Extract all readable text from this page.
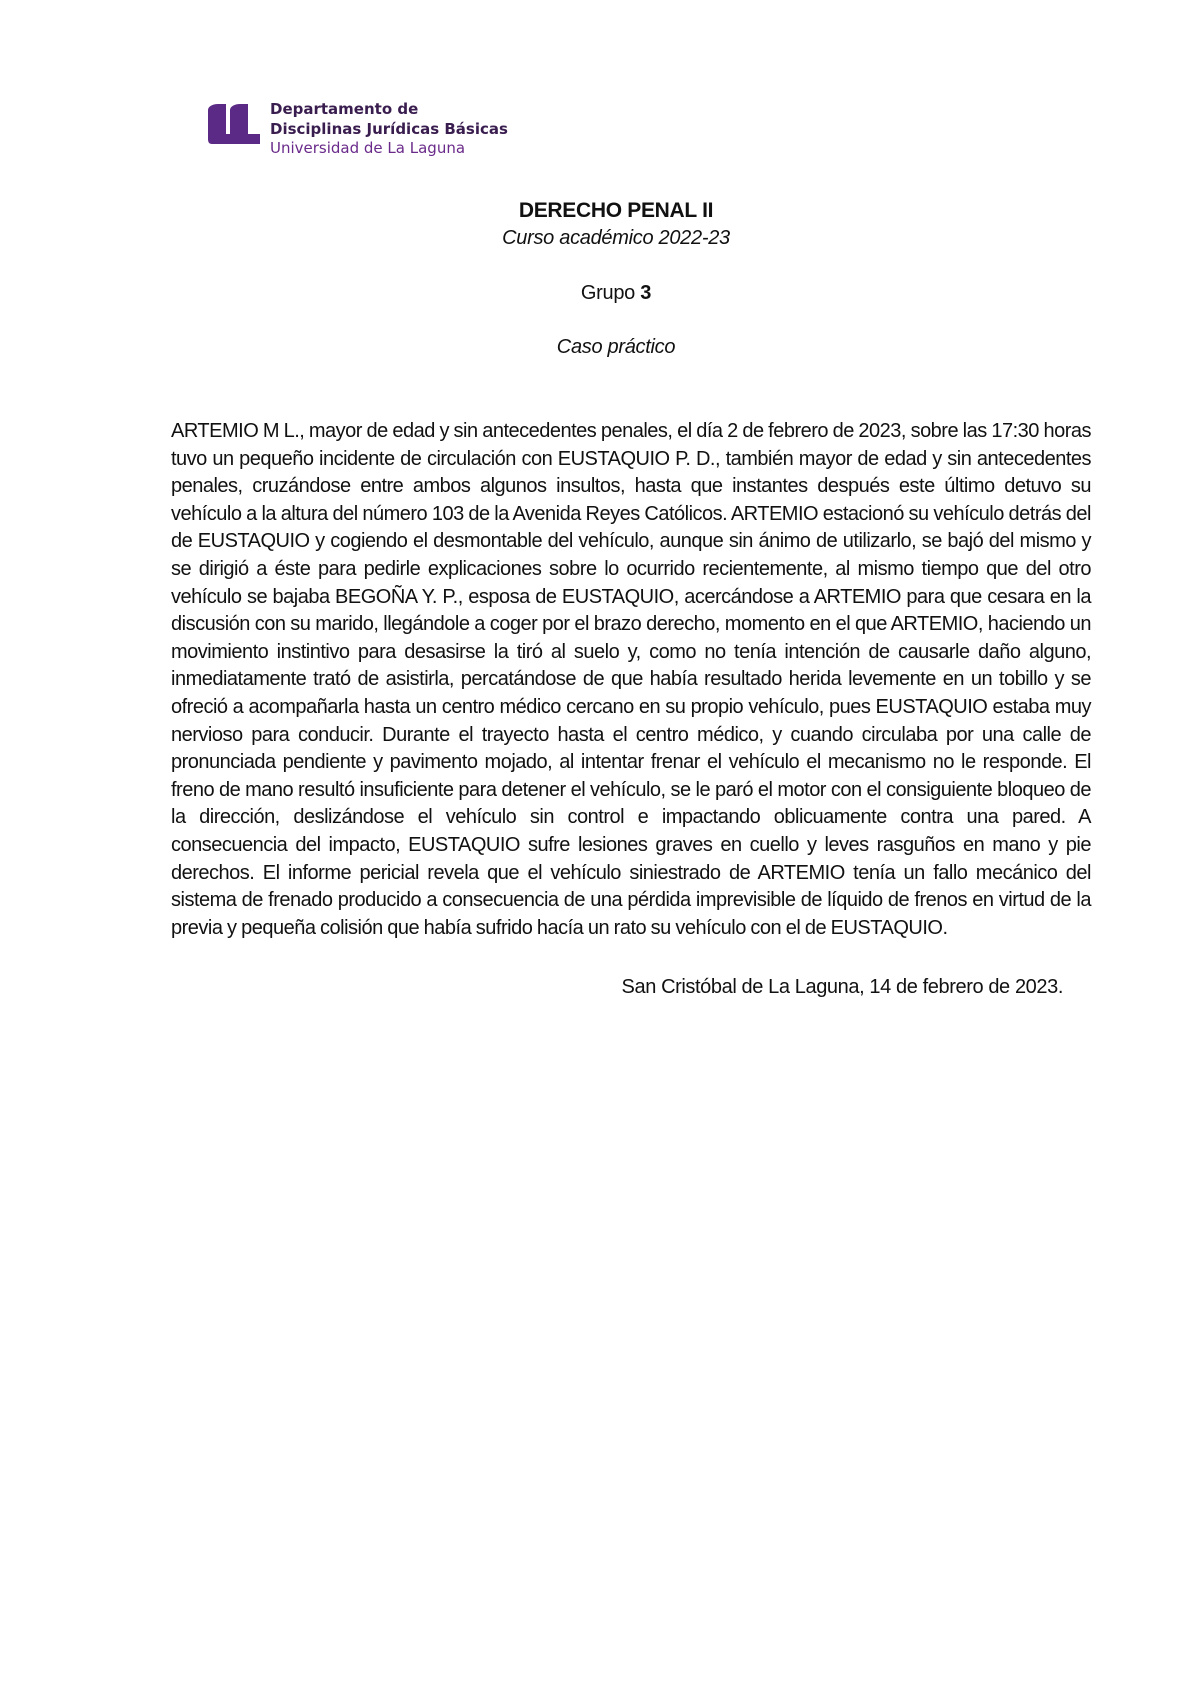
Departamento de
Disciplinas Jurídicas Básicas
Universidad de La Laguna
DERECHO PENAL II
Curso académico 2022-23
Grupo 3
Caso práctico

ARTEMIO M L., mayor de edad y sin antecedentes penales, el día 2 de febrero de 2023, sobre las 17:30 horas tuvo un pequeño incidente de circulación con EUSTAQUIO P. D., también mayor de edad y sin antecedentes penales, cruzándose entre ambos algunos insultos, hasta que instantes después este último detuvo su vehículo a la altura del número 103 de la Avenida Reyes Católicos. ARTEMIO estacionó su vehículo detrás del de EUSTAQUIO y cogiendo el desmontable del vehículo, aunque sin ánimo de utilizarlo, se bajó del mismo y se dirigió a éste para pedirle explicaciones sobre lo ocurrido recientemente, al mismo tiempo que del otro vehículo se bajaba BEGOÑA Y. P., esposa de EUSTAQUIO, acercándose a ARTEMIO para que cesara en la discusión con su marido, llegándole a coger por el brazo derecho, momento en el que ARTEMIO, haciendo un movimiento instintivo para desasirse la tiró al suelo y, como no tenía intención de causarle daño alguno, inmediatamente trató de asistirla, percatándose de que había resultado herida levemente en un tobillo y se ofreció a acompañarla hasta un centro médico cercano en su propio vehículo, pues EUSTAQUIO estaba muy nervioso para conducir. Durante el trayecto hasta el centro médico, y cuando circulaba por una calle de pronunciada pendiente y pavimento mojado, al intentar frenar el vehículo el mecanismo no le responde. El freno de mano resultó insuficiente para detener el vehículo, se le paró el motor con el consiguiente bloqueo de la dirección, deslizándose el vehículo sin control e impactando oblicuamente contra una pared. A consecuencia del impacto, EUSTAQUIO sufre lesiones graves en cuello y leves rasguños en mano y pie derechos. El informe pericial revela que el vehículo siniestrado de ARTEMIO tenía un fallo mecánico del sistema de frenado producido a consecuencia de una pérdida imprevisible de líquido de frenos en virtud de la previa y pequeña colisión que había sufrido hacía un rato su vehículo con el de EUSTAQUIO.

San Cristóbal de La Laguna, 14 de febrero de 2023.
